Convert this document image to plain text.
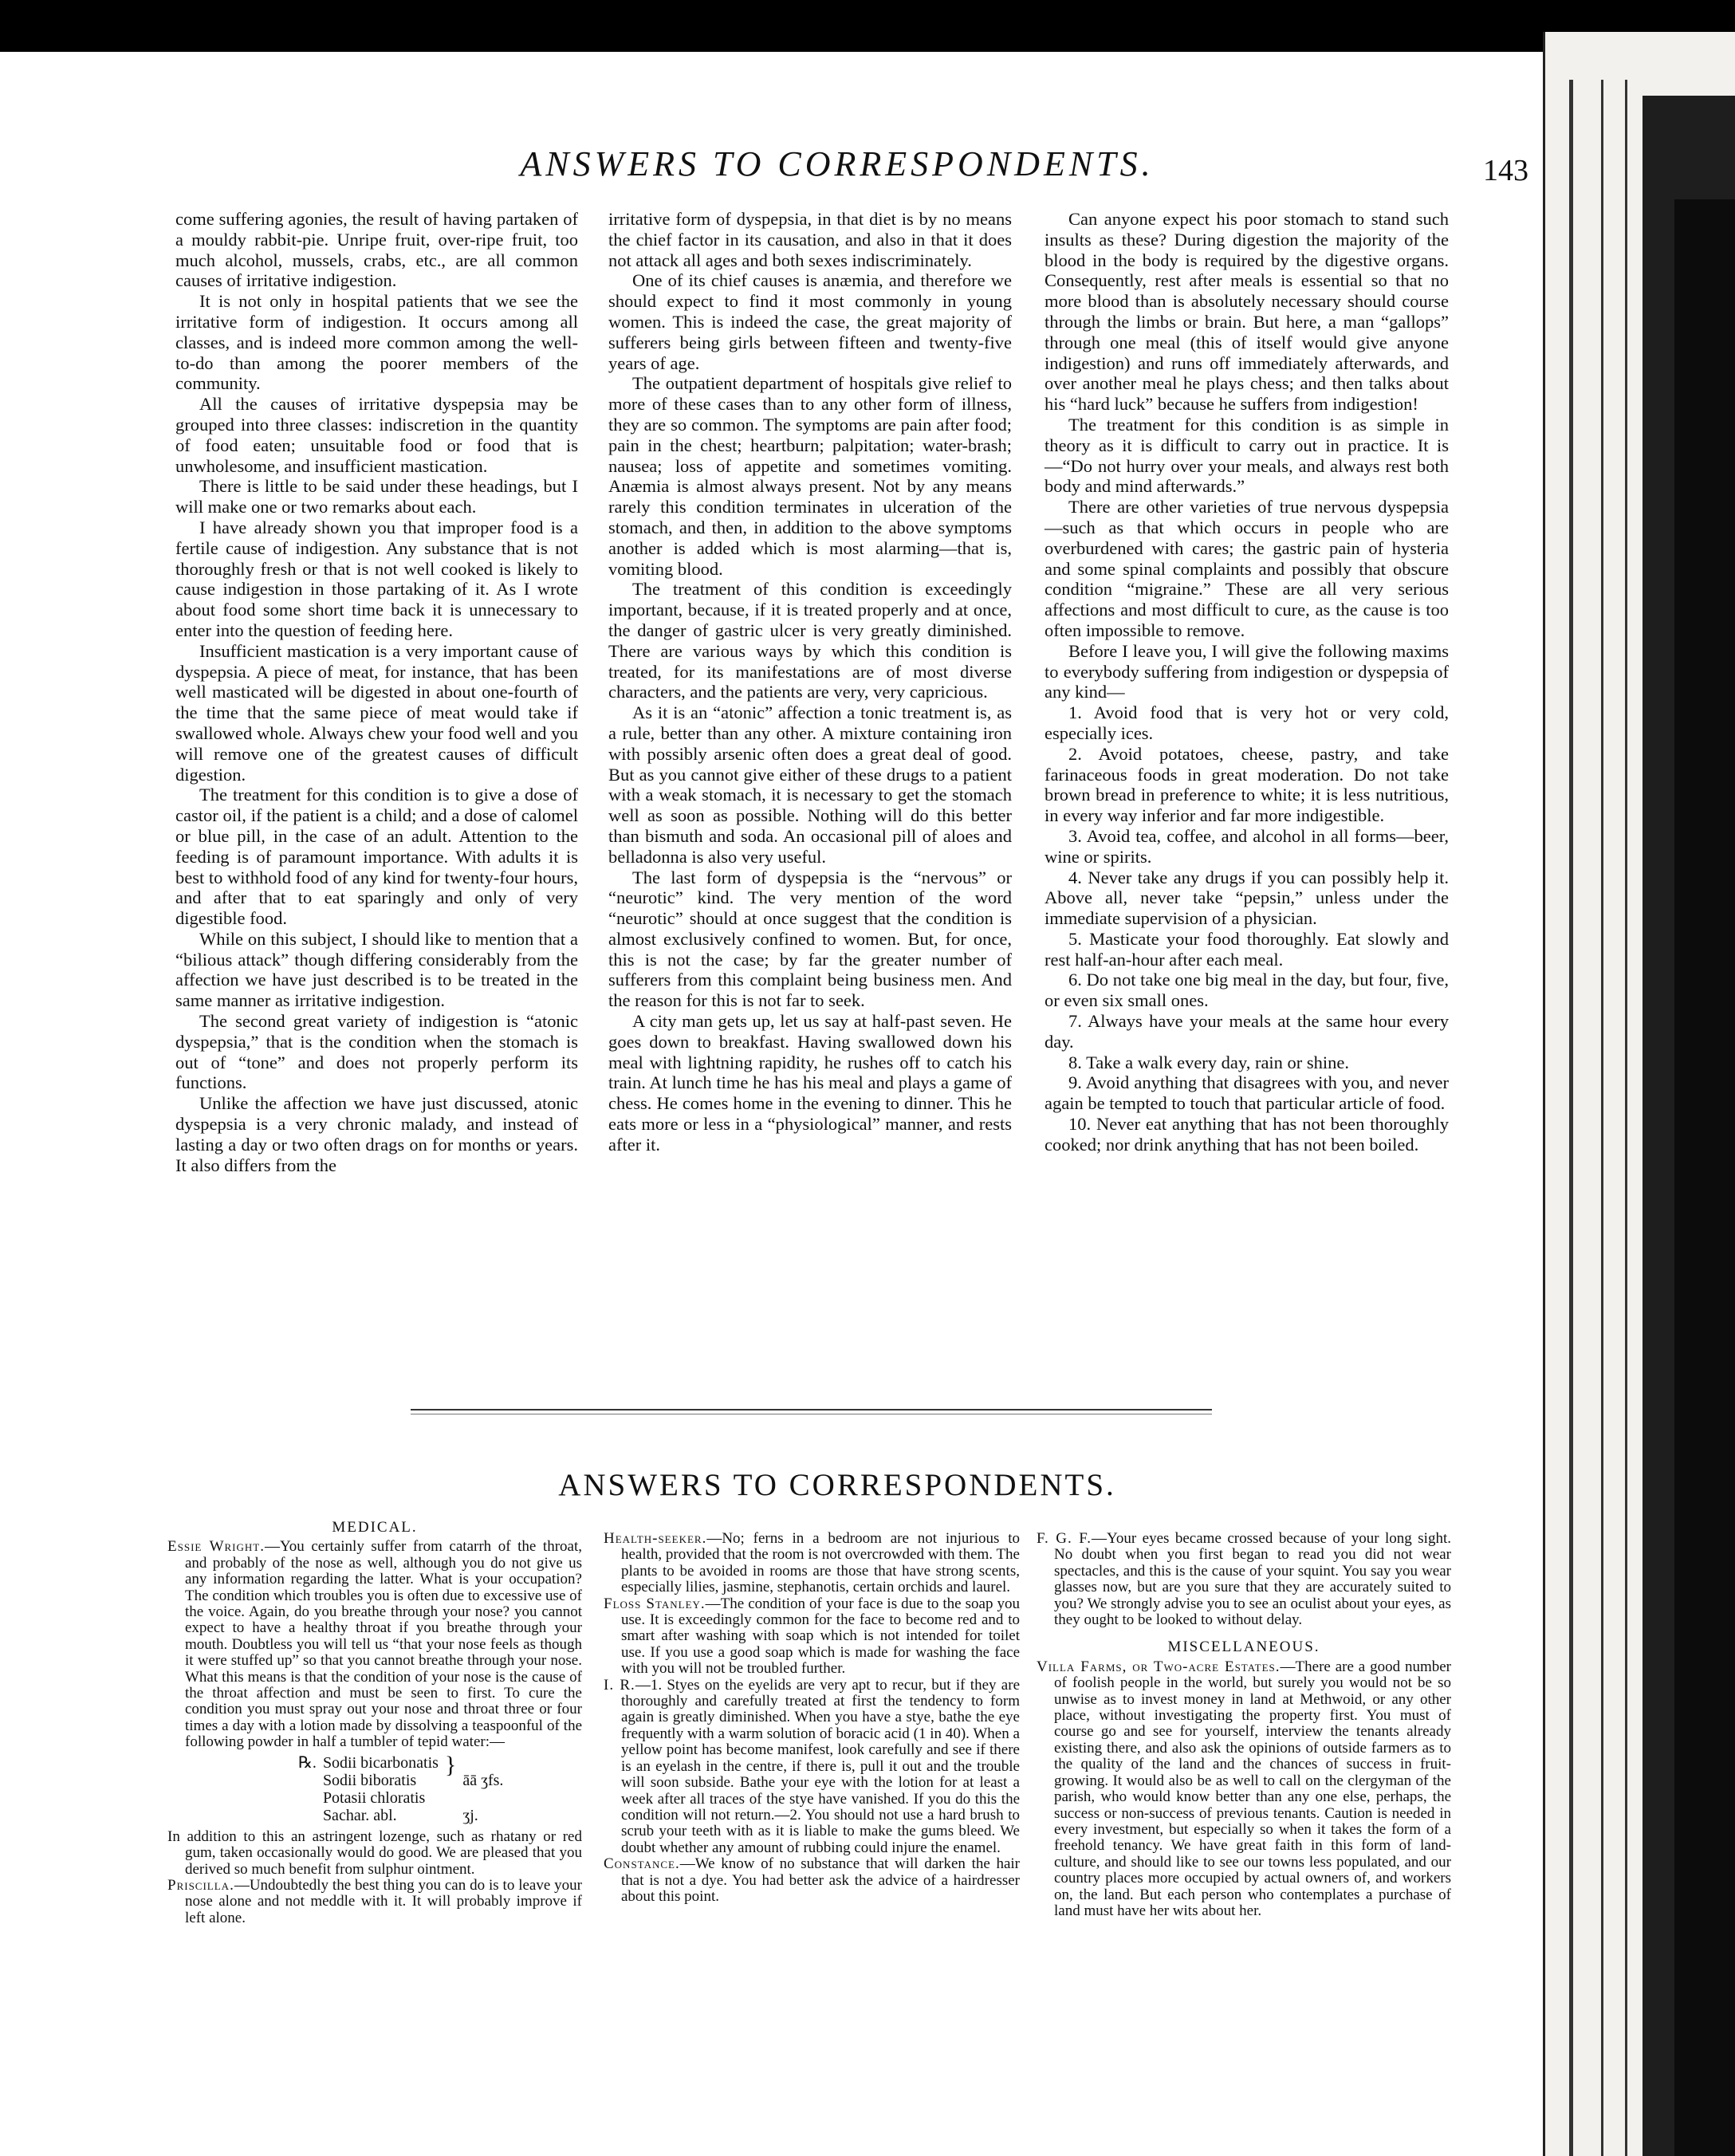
ANSWERS TO CORRESPONDENTS.	143

come suffering agonies, the result of having partaken of a mouldy rabbit-pie. Unripe fruit, over-ripe fruit, too much alcohol, mussels, crabs, etc., are all common causes of irritative indigestion.

It is not only in hospital patients that we see the irritative form of indigestion. It occurs among all classes, and is indeed more common among the well-to-do than among the poorer members of the community.

All the causes of irritative dyspepsia may be grouped into three classes: indiscretion in the quantity of food eaten; unsuitable food or food that is unwholesome, and insufficient mastication.

There is little to be said under these headings, but I will make one or two remarks about each.

I have already shown you that improper food is a fertile cause of indigestion. Any substance that is not thoroughly fresh or that is not well cooked is likely to cause indigestion in those partaking of it. As I wrote about food some short time back it is unnecessary to enter into the question of feeding here.

Insufficient mastication is a very important cause of dyspepsia. A piece of meat, for instance, that has been well masticated will be digested in about one-fourth of the time that the same piece of meat would take if swallowed whole. Always chew your food well and you will remove one of the greatest causes of difficult digestion.

The treatment for this condition is to give a dose of castor oil, if the patient is a child; and a dose of calomel or blue pill, in the case of an adult. Attention to the feeding is of paramount importance. With adults it is best to withhold food of any kind for twenty-four hours, and after that to eat sparingly and only of very digestible food.

While on this subject, I should like to mention that a “bilious attack” though differing considerably from the affection we have just described is to be treated in the same manner as irritative indigestion.

The second great variety of indigestion is “atonic dyspepsia,” that is the condition when the stomach is out of “tone” and does not properly perform its functions.

Unlike the affection we have just discussed, atonic dyspepsia is a very chronic malady, and instead of lasting a day or two often drags on for months or years. It also differs from the

irritative form of dyspepsia, in that diet is by no means the chief factor in its causation, and also in that it does not attack all ages and both sexes indiscriminately.

One of its chief causes is anæmia, and therefore we should expect to find it most commonly in young women. This is indeed the case, the great majority of sufferers being girls between fifteen and twenty-five years of age.

The outpatient department of hospitals give relief to more of these cases than to any other form of illness, they are so common. The symptoms are pain after food; pain in the chest; heartburn; palpitation; water-brash; nausea; loss of appetite and sometimes vomiting. Anæmia is almost always present. Not by any means rarely this condition terminates in ulceration of the stomach, and then, in addition to the above symptoms another is added which is most alarming—that is, vomiting blood.

The treatment of this condition is exceedingly important, because, if it is treated properly and at once, the danger of gastric ulcer is very greatly diminished. There are various ways by which this condition is treated, for its manifestations are of most diverse characters, and the patients are very, very capricious.

As it is an “atonic” affection a tonic treatment is, as a rule, better than any other. A mixture containing iron with possibly arsenic often does a great deal of good. But as you cannot give either of these drugs to a patient with a weak stomach, it is necessary to get the stomach well as soon as possible. Nothing will do this better than bismuth and soda. An occasional pill of aloes and belladonna is also very useful.

The last form of dyspepsia is the “nervous” or “neurotic” kind. The very mention of the word “neurotic” should at once suggest that the condition is almost exclusively confined to women. But, for once, this is not the case; by far the greater number of sufferers from this complaint being business men. And the reason for this is not far to seek.

A city man gets up, let us say at half-past seven. He goes down to breakfast. Having swallowed down his meal with lightning rapidity, he rushes off to catch his train. At lunch time he has his meal and plays a game of chess. He comes home in the evening to dinner. This he eats more or less in a “physiological” manner, and rests after it.

Can anyone expect his poor stomach to stand such insults as these? During digestion the majority of the blood in the body is required by the digestive organs. Consequently, rest after meals is essential so that no more blood than is absolutely necessary should course through the limbs or brain. But here, a man “gallops” through one meal (this of itself would give anyone indigestion) and runs off immediately afterwards, and over another meal he plays chess; and then talks about his “hard luck” because he suffers from indigestion!

The treatment for this condition is as simple in theory as it is difficult to carry out in practice. It is—“Do not hurry over your meals, and always rest both body and mind afterwards.”

There are other varieties of true nervous dyspepsia—such as that which occurs in people who are overburdened with cares; the gastric pain of hysteria and some spinal complaints and possibly that obscure condition “migraine.” These are all very serious affections and most difficult to cure, as the cause is too often impossible to remove.

Before I leave you, I will give the following maxims to everybody suffering from indigestion or dyspepsia of any kind—

1. Avoid food that is very hot or very cold, especially ices.

2. Avoid potatoes, cheese, pastry, and take farinaceous foods in great moderation. Do not take brown bread in preference to white; it is less nutritious, in every way inferior and far more indigestible.

3. Avoid tea, coffee, and alcohol in all forms—beer, wine or spirits.

4. Never take any drugs if you can possibly help it. Above all, never take “pepsin,” unless under the immediate supervision of a physician.

5. Masticate your food thoroughly. Eat slowly and rest half-an-hour after each meal.

6. Do not take one big meal in the day, but four, five, or even six small ones.

7. Always have your meals at the same hour every day.

8. Take a walk every day, rain or shine.

9. Avoid anything that disagrees with you, and never again be tempted to touch that particular article of food.

10. Never eat anything that has not been thoroughly cooked; nor drink anything that has not been boiled.

ANSWERS TO CORRESPONDENTS.
MEDICAL.

Essie Wright.—You certainly suffer from catarrh of the throat, and probably of the nose as well, although you do not give us any information regarding the latter. What is your occupation? The condition which troubles you is often due to excessive use of the voice. Again, do you breathe through your nose? you cannot expect to have a healthy throat if you breathe through your mouth. Doubtless you will tell us “that your nose feels as though it were stuffed up” so that you cannot breathe through your nose. What this means is that the condition of your nose is the cause of the throat affection and must be seen to first. To cure the condition you must spray out your nose and throat three or four times a day with a lotion made by dissolving a teaspoonful of the following powder in half a tumbler of tepid water:—

℞.	Sodii bicarbonatis	}	āā ʒfs.
	Sodii biboratis		
	Potasii chloratis		
	Sachar. abl.		ʒj.

In addition to this an astringent lozenge, such as rhatany or red gum, taken occasionally would do good. We are pleased that you derived so much benefit from sulphur ointment.

Priscilla.—Undoubtedly the best thing you can do is to leave your nose alone and not meddle with it. It will probably improve if left alone.

Health-seeker.—No; ferns in a bedroom are not injurious to health, provided that the room is not overcrowded with them. The plants to be avoided in rooms are those that have strong scents, especially lilies, jasmine, stephanotis, certain orchids and laurel.

Floss Stanley.—The condition of your face is due to the soap you use. It is exceedingly common for the face to become red and to smart after washing with soap which is not intended for toilet use. If you use a good soap which is made for washing the face with you will not be troubled further.

I. R.—1. Styes on the eyelids are very apt to recur, but if they are thoroughly and carefully treated at first the tendency to form again is greatly diminished. When you have a stye, bathe the eye frequently with a warm solution of boracic acid (1 in 40). When a yellow point has become manifest, look carefully and see if there is an eyelash in the centre, if there is, pull it out and the trouble will soon subside. Bathe your eye with the lotion for at least a week after all traces of the stye have vanished. If you do this the condition will not return.—2. You should not use a hard brush to scrub your teeth with as it is liable to make the gums bleed. We doubt whether any amount of rubbing could injure the enamel.

Constance.—We know of no substance that will darken the hair that is not a dye. You had better ask the advice of a hairdresser about this point.

F. G. F.—Your eyes became crossed because of your long sight. No doubt when you first began to read you did not wear spectacles, and this is the cause of your squint. You say you wear glasses now, but are you sure that they are accurately suited to you? We strongly advise you to see an oculist about your eyes, as they ought to be looked to without delay.

MISCELLANEOUS.

Villa Farms, or Two-acre Estates.—There are a good number of foolish people in the world, but surely you would not be so unwise as to invest money in land at Methwoid, or any other place, without investigating the property first. You must of course go and see for yourself, interview the tenants already existing there, and also ask the opinions of outside farmers as to the quality of the land and the chances of success in fruit-growing. It would also be as well to call on the clergyman of the parish, who would know better than any one else, perhaps, the success or non-success of previous tenants. Caution is needed in every investment, but especially so when it takes the form of a freehold tenancy. We have great faith in this form of land-culture, and should like to see our towns less populated, and our country places more occupied by actual owners of, and workers on, the land. But each person who contemplates a purchase of land must have her wits about her.
